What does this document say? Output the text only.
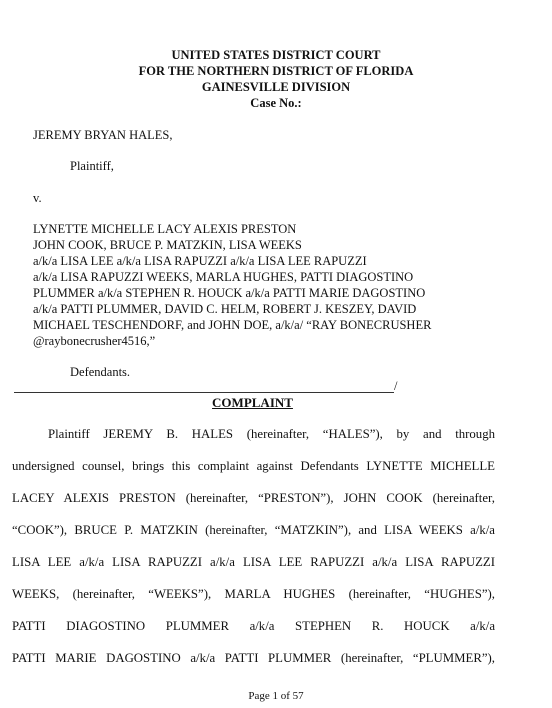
UNITED STATES DISTRICT COURT
FOR THE NORTHERN DISTRICT OF FLORIDA
GAINESVILLE DIVISION
Case No.:
JEREMY BRYAN HALES,
Plaintiff,
v.
LYNETTE MICHELLE LACY ALEXIS PRESTON
JOHN COOK, BRUCE P. MATZKIN, LISA WEEKS
a/k/a LISA LEE a/k/a LISA RAPUZZI a/k/a LISA LEE RAPUZZI
a/k/a LISA RAPUZZI WEEKS, MARLA HUGHES, PATTI DIAGOSTINO
PLUMMER a/k/a STEPHEN R. HOUCK a/k/a PATTI MARIE DAGOSTINO
a/k/a PATTI PLUMMER, DAVID C. HELM, ROBERT J. KESZEY, DAVID
MICHAEL TESCHENDORF, and JOHN DOE, a/k/a/ “RAY BONECRUSHER
@raybonecrusher4516,”
Defendants.
/
COMPLAINT
Plaintiff JEREMY B. HALES (hereinafter, “HALES”), by and through
undersigned counsel, brings this complaint against Defendants LYNETTE MICHELLE
LACEY ALEXIS PRESTON (hereinafter, “PRESTON”), JOHN COOK (hereinafter,
“COOK”), BRUCE P. MATZKIN (hereinafter, “MATZKIN”), and LISA WEEKS a/k/a
LISA LEE a/k/a LISA RAPUZZI a/k/a LISA LEE RAPUZZI a/k/a LISA RAPUZZI
WEEKS, (hereinafter, “WEEKS”), MARLA HUGHES (hereinafter, “HUGHES”),
PATTI DIAGOSTINO PLUMMER a/k/a STEPHEN R. HOUCK a/k/a
PATTI MARIE DAGOSTINO a/k/a PATTI PLUMMER (hereinafter, “PLUMMER”),
Page 1 of 57
